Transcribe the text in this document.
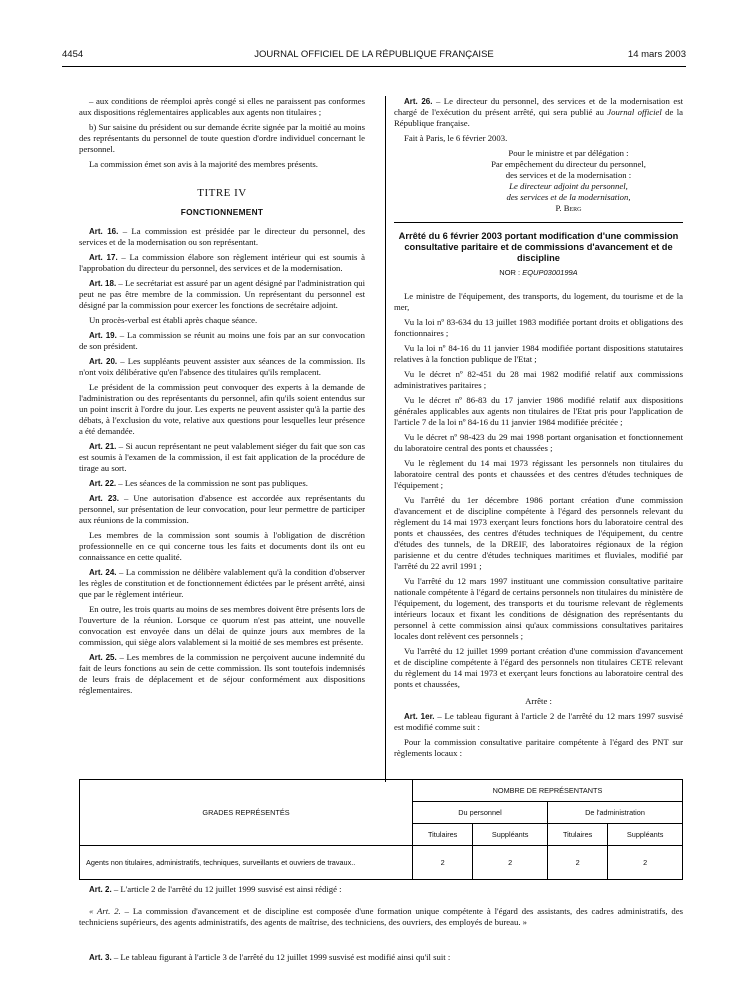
4454	JOURNAL OFFICIEL DE LA RÉPUBLIQUE FRANÇAISE	14 mars 2003

– aux conditions de réemploi après congé si elles ne paraissent pas conformes aux dispositions réglementaires applicables aux agents non titulaires ;

b) Sur saisine du président ou sur demande écrite signée par la moitié au moins des représentants du personnel de toute question d'ordre individuel concernant le personnel.

La commission émet son avis à la majorité des membres présents.

TITRE IV
FONCTIONNEMENT

Art. 16. – La commission est présidée par le directeur du personnel, des services et de la modernisation ou son représentant.

Art. 17. – La commission élabore son règlement intérieur qui est soumis à l'approbation du directeur du personnel, des services et de la modernisation.

Art. 18. – Le secrétariat est assuré par un agent désigné par l'administration qui peut ne pas être membre de la commission. Un représentant du personnel est désigné par la commission pour exercer les fonctions de secrétaire adjoint.

Un procès-verbal est établi après chaque séance.

Art. 19. – La commission se réunit au moins une fois par an sur convocation de son président.

Art. 20. – Les suppléants peuvent assister aux séances de la commission. Ils n'ont voix délibérative qu'en l'absence des titulaires qu'ils remplacent.

Le président de la commission peut convoquer des experts à la demande de l'administration ou des représentants du personnel, afin qu'ils soient entendus sur un point inscrit à l'ordre du jour. Les experts ne peuvent assister qu'à la partie des débats, à l'exclusion du vote, relative aux questions pour lesquelles leur présence a été demandée.

Art. 21. – Si aucun représentant ne peut valablement siéger du fait que son cas est soumis à l'examen de la commission, il est fait application de la procédure de tirage au sort.

Art. 22. – Les séances de la commission ne sont pas publiques.

Art. 23. – Une autorisation d'absence est accordée aux représentants du personnel, sur présentation de leur convocation, pour leur permettre de participer aux réunions de la commission.

Les membres de la commission sont soumis à l'obligation de discrétion professionnelle en ce qui concerne tous les faits et documents dont ils ont eu connaissance en cette qualité.

Art. 24. – La commission ne délibère valablement qu'à la condition d'observer les règles de constitution et de fonctionnement édictées par le présent arrêté, ainsi que par le règlement intérieur.

En outre, les trois quarts au moins de ses membres doivent être présents lors de l'ouverture de la réunion. Lorsque ce quorum n'est pas atteint, une nouvelle convocation est envoyée dans un délai de quinze jours aux membres de la commission, qui siège alors valablement si la moitié de ses membres est présente.

Art. 25. – Les membres de la commission ne perçoivent aucune indemnité du fait de leurs fonctions au sein de cette commission. Ils sont toutefois indemnisés de leurs frais de déplacement et de séjour conformément aux dispositions réglementaires.

Art. 26. – Le directeur du personnel, des services et de la modernisation est chargé de l'exécution du présent arrêté, qui sera publié au Journal officiel de la République française.

Fait à Paris, le 6 février 2003.

Pour le ministre et par délégation :
Par empêchement du directeur du personnel,
des services et de la modernisation :
Le directeur adjoint du personnel,
des services et de la modernisation,
P. Berg
Arrêté du 6 février 2003 portant modification d'une commission consultative paritaire et de commissions d'avancement et de discipline
NOR : EQUP0300199A

Le ministre de l'équipement, des transports, du logement, du tourisme et de la mer,

Vu la loi nº 83-634 du 13 juillet 1983 modifiée portant droits et obligations des fonctionnaires ;

Vu la loi nº 84-16 du 11 janvier 1984 modifiée portant dispositions statutaires relatives à la fonction publique de l'Etat ;

Vu le décret nº 82-451 du 28 mai 1982 modifié relatif aux commissions administratives paritaires ;

Vu le décret nº 86-83 du 17 janvier 1986 modifié relatif aux dispositions générales applicables aux agents non titulaires de l'Etat pris pour l'application de l'article 7 de la loi nº 84-16 du 11 janvier 1984 modifiée précitée ;

Vu le décret nº 98-423 du 29 mai 1998 portant organisation et fonctionnement du laboratoire central des ponts et chaussées ;

Vu le règlement du 14 mai 1973 régissant les personnels non titulaires du laboratoire central des ponts et chaussées et des centres d'études techniques de l'équipement ;

Vu l'arrêté du 1er décembre 1986 portant création d'une commission d'avancement et de discipline compétente à l'égard des personnels relevant du règlement du 14 mai 1973 exerçant leurs fonctions hors du laboratoire central des ponts et chaussées, des centres d'études techniques de l'équipement, du centre d'études des tunnels, de la DREIF, des laboratoires régionaux de la région parisienne et du centre d'études techniques maritimes et fluviales, modifié par l'arrêté du 22 avril 1991 ;

Vu l'arrêté du 12 mars 1997 instituant une commission consultative paritaire nationale compétente à l'égard de certains personnels non titulaires du ministère de l'équipement, du logement, des transports et du tourisme relevant de règlements intérieurs locaux et fixant les conditions de désignation des représentants du personnel à cette commission ainsi qu'aux commissions consultatives paritaires locales dont relèvent ces personnels ;

Vu l'arrêté du 12 juillet 1999 portant création d'une commission d'avancement et de discipline compétente à l'égard des personnels non titulaires CETE relevant du règlement du 14 mai 1973 et exerçant leurs fonctions au laboratoire central des ponts et chaussées,

Arrête :

Art. 1er. – Le tableau figurant à l'article 2 de l'arrêté du 12 mars 1997 susvisé est modifié comme suit :

Pour la commission consultative paritaire compétente à l'égard des PNT sur règlements locaux :

GRADES REPRÉSENTÉS	NOMBRE DE REPRÉSENTANTS			
	Du personnel		De l'administration	
	Titulaires	Suppléants	Titulaires	Suppléants
Agents non titulaires, administratifs, techniques, surveillants et ouvriers de travaux..	2	2	2	2

Art. 2. – L'article 2 de l'arrêté du 12 juillet 1999 susvisé est ainsi rédigé :

« Art. 2. – La commission d'avancement et de discipline est composée d'une formation unique compétente à l'égard des assistants, des cadres administratifs, des techniciens supérieurs, des agents administratifs, des agents de maîtrise, des techniciens, des ouvriers, des employés de bureau. »

Art. 3. – Le tableau figurant à l'article 3 de l'arrêté du 12 juillet 1999 susvisé est modifié ainsi qu'il suit :
